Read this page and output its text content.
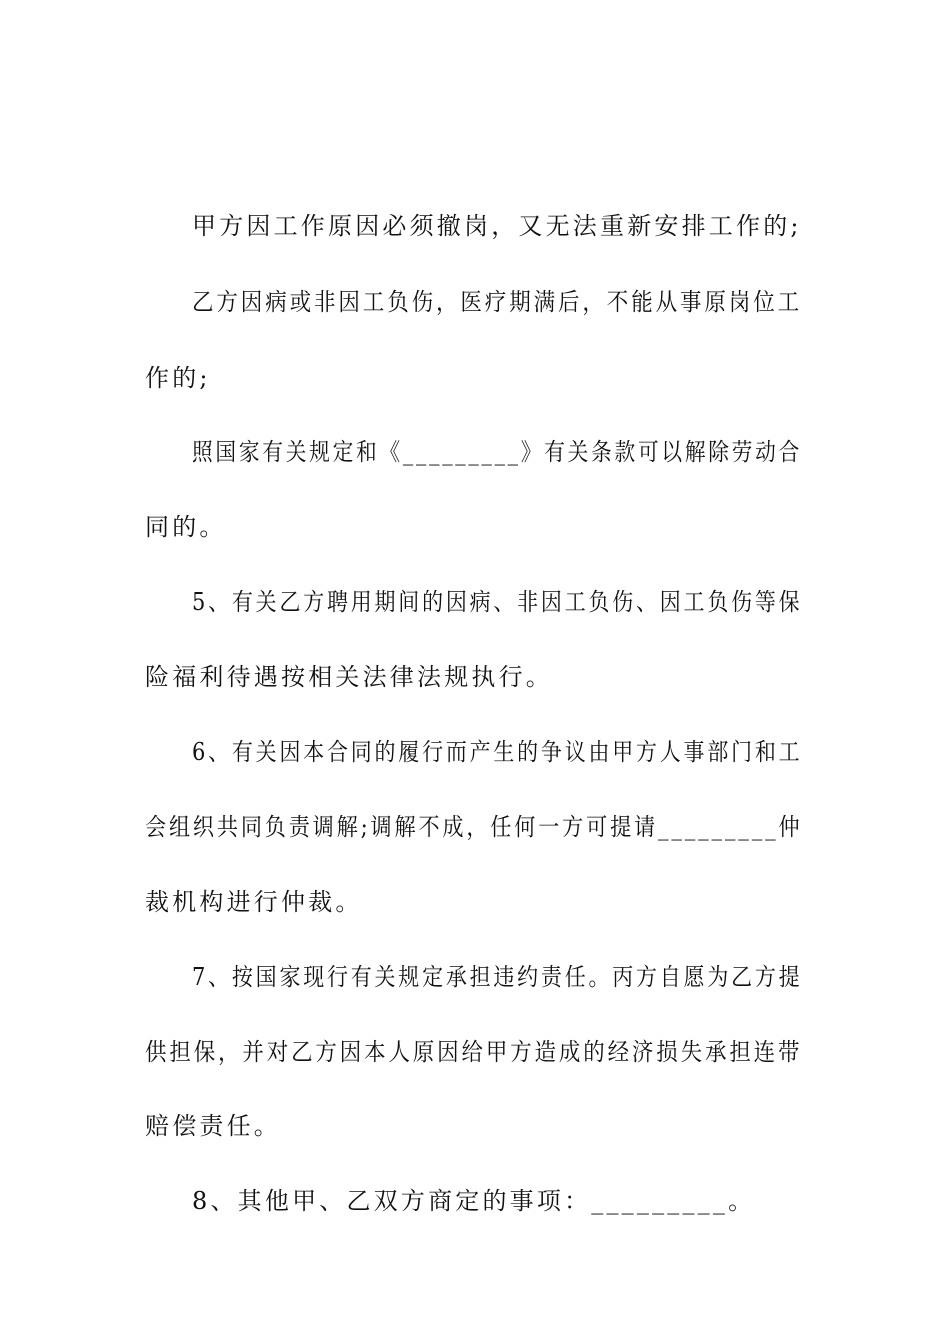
甲方因工作原因必须撤岗，又无法重新安排工作的;
乙方因病或非因工负伤，医疗期满后，不能从事原岗位工
作的;
照国家有关规定和《_________》有关条款可以解除劳动合
同的。
5、有关乙方聘用期间的因病、非因工负伤、因工负伤等保
险福利待遇按相关法律法规执行。
6、有关因本合同的履行而产生的争议由甲方人事部门和工
会组织共同负责调解;调解不成，任何一方可提请_________仲
裁机构进行仲裁。
7、按国家现行有关规定承担违约责任。丙方自愿为乙方提
供担保，并对乙方因本人原因给甲方造成的经济损失承担连带
赔偿责任。
8、其他甲、乙双方商定的事项：_________。
